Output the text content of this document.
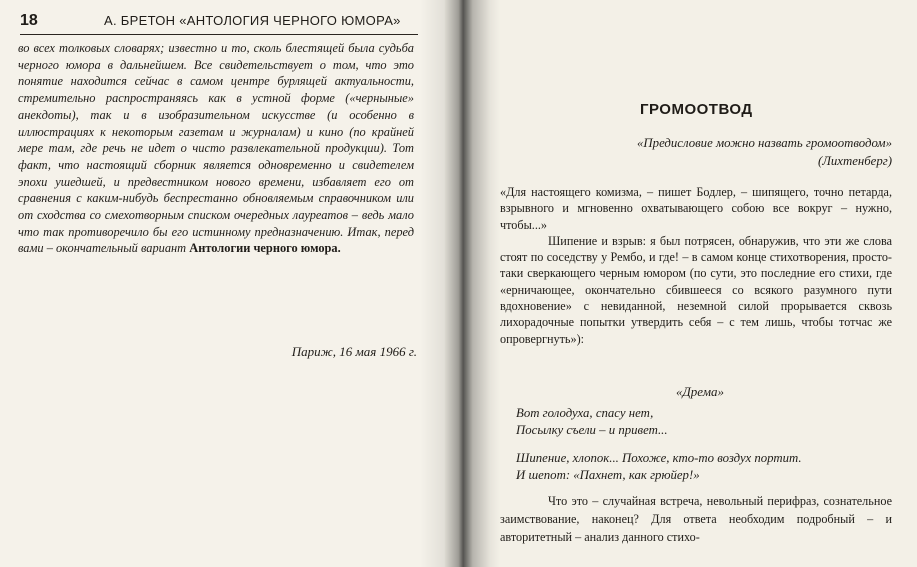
18	А. БРЕТОН «АНТОЛОГИЯ ЧЕРНОГО ЮМОРА»
во всех толковых словарях; известно и то, сколь блестящей была судьба черного юмора в дальнейшем. Все свидетельствует о том, что это понятие находится сейчас в самом центре бурлящей актуальности, стремительно распространяясь как в устной форме («черныные» анекдоты), так и в изобразительном искусстве (и особенно в иллюстрациях к некоторым газетам и журналам) и кино (по крайней мере там, где речь не идет о чисто развлекательной продукции). Тот факт, что настоящий сборник является одновременно и свидетелем эпохи ушедшей, и предвестником нового времени, избавляет его от сравнения с каким-нибудь беспрестанно обновляемым справочником или от сходства со смехотворным списком очередных лауреатов – ведь мало что так противоречило бы его истинному предназначению. Итак, перед вами – окончательный вариант Антологии черного юмора.
Париж, 16 мая 1966 г.
ГРОМООТВОД
«Предисловие можно назвать громоотводом»
(Лихтенберг)

«Для настоящего комизма, – пишет Бодлер, – шипящего, точно петарда, взрывного и мгновенно охватывающего собою все вокруг – нужно, чтобы...»

Шипение и взрыв: я был потрясен, обнаружив, что эти же слова стоят по соседству у Рембо, и где! – в самом конце стихотворения, просто-таки сверкающего черным юмором (по сути, это последние его стихи, где «ерничающее, окончательно сбившееся со всякого разумного пути вдохновение» с невиданной, неземной силой прорывается сквозь лихорадочные попытки утвердить себя – с тем лишь, чтобы тотчас же опровергнуть»):

«Дрема»
Вот голодуха, спасу нет,
Посылку съели – и привет...
Шипение, хлопок... Похоже, кто-то воздух портит.
И шепот: «Пахнет, как грюйер!»

Что это – случайная встреча, невольный перифраз, сознательное заимствование, наконец? Для ответа необходим подробный – и авторитетный – анализ данного стихо-
